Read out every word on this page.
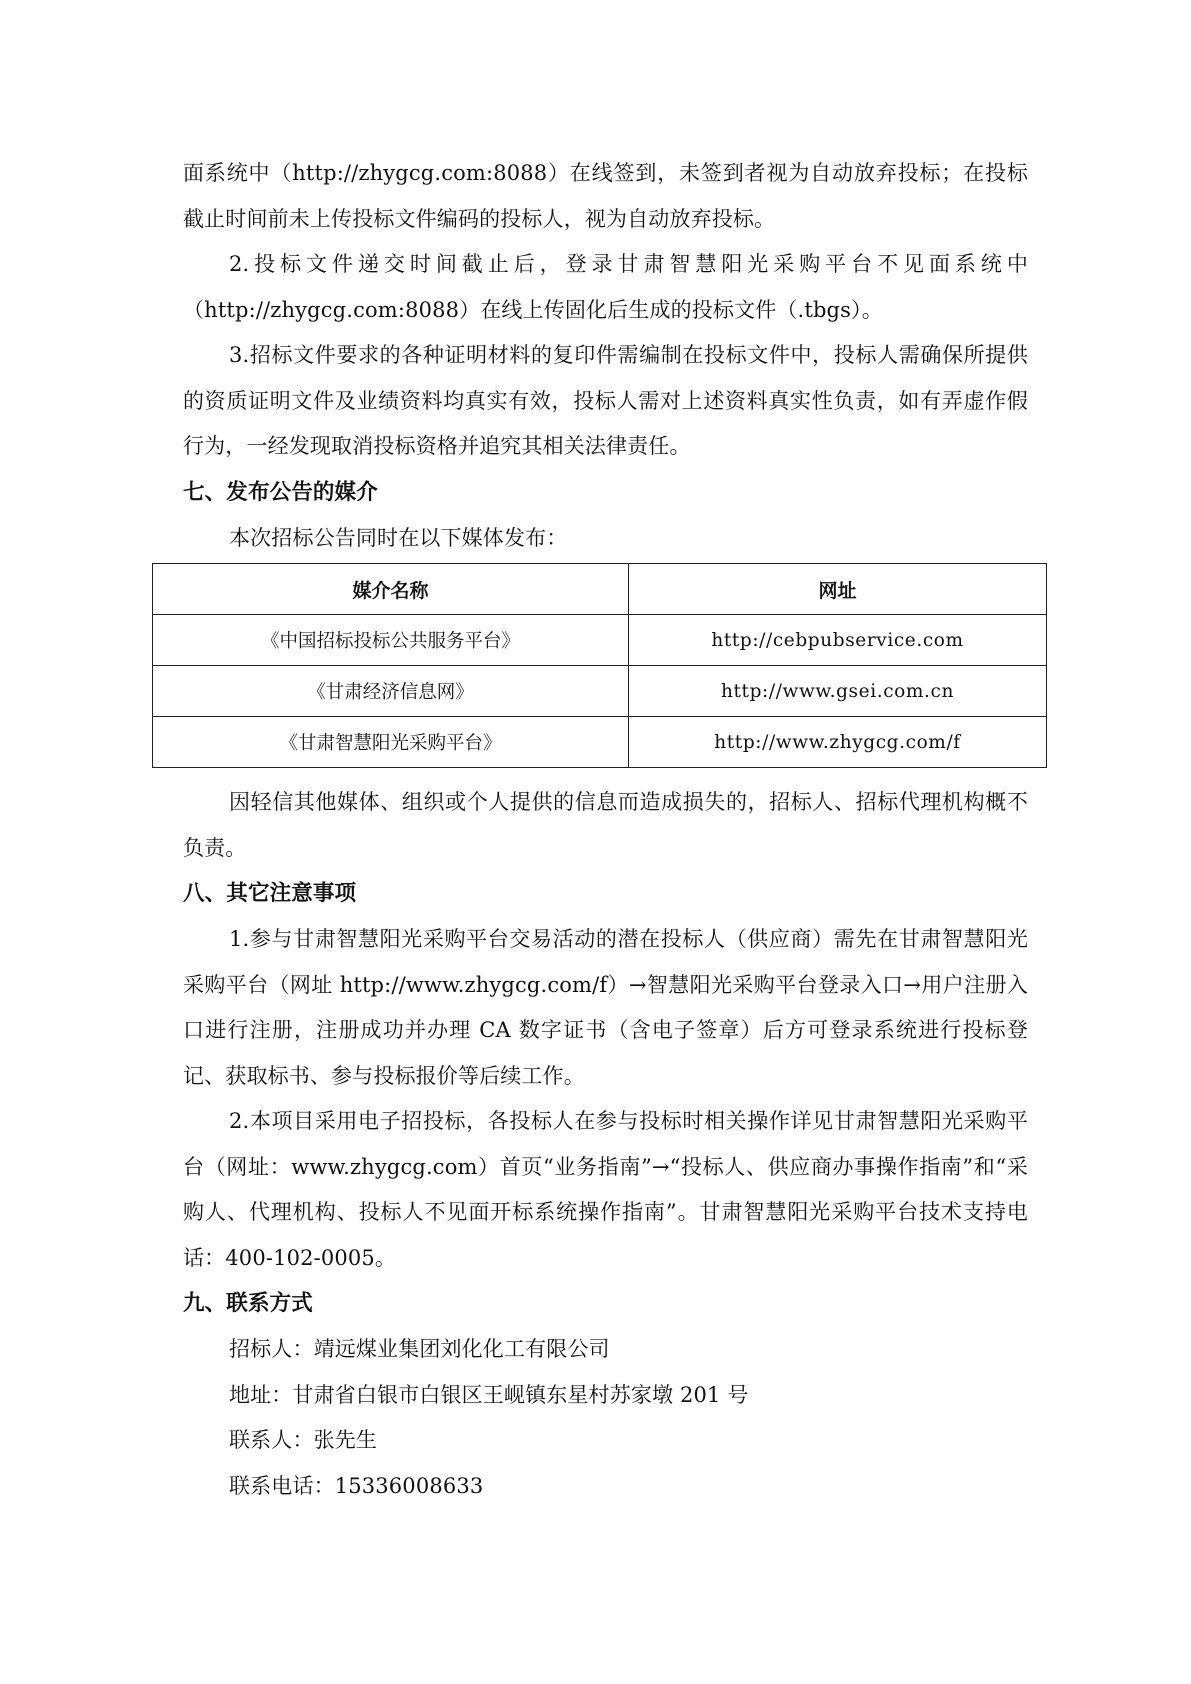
面系统中（http://zhygcg.com:8088）在线签到，未签到者视为自动放弃投标；在投标截止时间前未上传投标文件编码的投标人，视为自动放弃投标。

2.投标文件递交时间截止后，登录甘肃智慧阳光采购平台不见面系统中（http://zhygcg.com:8088）在线上传固化后生成的投标文件（.tbgs）。

3.招标文件要求的各种证明材料的复印件需编制在投标文件中，投标人需确保所提供的资质证明文件及业绩资料均真实有效，投标人需对上述资料真实性负责，如有弄虚作假行为，一经发现取消投标资格并追究其相关法律责任。

七、发布公告的媒介

本次招标公告同时在以下媒体发布：

媒介名称	网址
《中国招标投标公共服务平台》	http://cebpubservice.com
《甘肃经济信息网》	http://www.gsei.com.cn
《甘肃智慧阳光采购平台》	http://www.zhygcg.com/f

因轻信其他媒体、组织或个人提供的信息而造成损失的，招标人、招标代理机构概不负责。

八、其它注意事项

1.参与甘肃智慧阳光采购平台交易活动的潜在投标人（供应商）需先在甘肃智慧阳光采购平台（网址 http://www.zhygcg.com/f）→智慧阳光采购平台登录入口→用户注册入口进行注册，注册成功并办理 CA 数字证书（含电子签章）后方可登录系统进行投标登记、获取标书、参与投标报价等后续工作。

2.本项目采用电子招投标，各投标人在参与投标时相关操作详见甘肃智慧阳光采购平台（网址：www.zhygcg.com）首页“业务指南”→“投标人、供应商办事操作指南”和“采购人、代理机构、投标人不见面开标系统操作指南”。甘肃智慧阳光采购平台技术支持电话：400-102-0005。

九、联系方式

招标人：靖远煤业集团刘化化工有限公司

地址：甘肃省白银市白银区王岘镇东星村苏家墩 201 号

联系人：张先生

联系电话：15336008633
